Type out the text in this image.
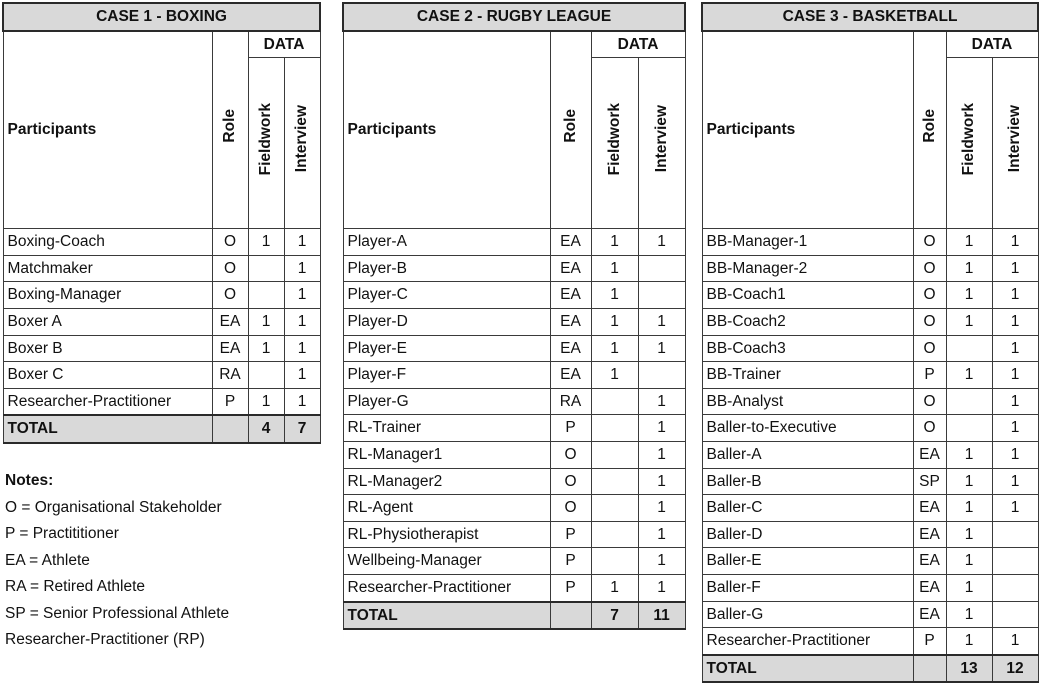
CASE 1 - BOXING			
Participants	Role	DATA	
		Fieldwork	Interview
Boxing-Coach	O	1	1
Matchmaker	O		1
Boxing-Manager	O		1
Boxer A	EA	1	1
Boxer B	EA	1	1
Boxer C	RA		1
Researcher-Practitioner	P	1	1
TOTAL		4	7
CASE 2 - RUGBY LEAGUE			
Participants	Role	DATA	
		Fieldwork	Interview
Player-A	EA	1	1
Player-B	EA	1	
Player-C	EA	1	
Player-D	EA	1	1
Player-E	EA	1	1
Player-F	EA	1	
Player-G	RA		1
RL-Trainer	P		1
RL-Manager1	O		1
RL-Manager2	O		1
RL-Agent	O		1
RL-Physiotherapist	P		1
Wellbeing-Manager	P		1
Researcher-Practitioner	P	1	1
TOTAL		7	11
CASE 3 - BASKETBALL			
Participants	Role	DATA	
		Fieldwork	Interview
BB-Manager-1	O	1	1
BB-Manager-2	O	1	1
BB-Coach1	O	1	1
BB-Coach2	O	1	1
BB-Coach3	O		1
BB-Trainer	P	1	1
BB-Analyst	O		1
Baller-to-Executive	O		1
Baller-A	EA	1	1
Baller-B	SP	1	1
Baller-C	EA	1	1
Baller-D	EA	1	
Baller-E	EA	1	
Baller-F	EA	1	
Baller-G	EA	1	
Researcher-Practitioner	P	1	1
TOTAL		13	12
Notes:
O = Organisational Stakeholder
P = Practititioner
EA = Athlete
RA = Retired Athlete
SP = Senior Professional Athlete
Researcher-Practitioner (RP)
